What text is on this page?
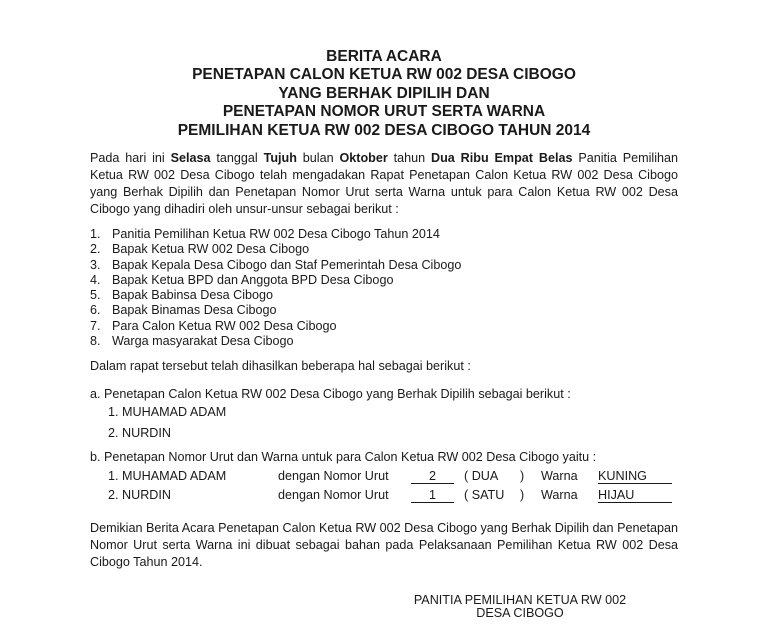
BERITA ACARA
PENETAPAN CALON KETUA RW 002 DESA CIBOGO
YANG BERHAK DIPILIH DAN
PENETAPAN NOMOR URUT SERTA WARNA
PEMILIHAN KETUA RW 002 DESA CIBOGO TAHUN 2014
Pada hari ini Selasa tanggal Tujuh bulan Oktober tahun Dua Ribu Empat Belas Panitia Pemilihan Ketua RW 002 Desa Cibogo telah mengadakan Rapat Penetapan Calon Ketua RW 002 Desa Cibogo yang Berhak Dipilih dan Penetapan Nomor Urut serta Warna untuk para Calon Ketua RW 002 Desa Cibogo yang dihadiri oleh unsur-unsur sebagai berikut :
1. Panitia Pemilihan Ketua RW 002 Desa Cibogo Tahun 2014
2. Bapak Ketua RW 002 Desa Cibogo
3. Bapak Kepala Desa Cibogo dan Staf Pemerintah Desa Cibogo
4. Bapak Ketua BPD dan Anggota BPD Desa Cibogo
5. Bapak Babinsa Desa Cibogo
6. Bapak Binamas Desa Cibogo
7. Para Calon Ketua RW 002 Desa Cibogo
8. Warga masyarakat Desa Cibogo
Dalam rapat tersebut telah dihasilkan beberapa hal sebagai berikut :
a. Penetapan Calon Ketua RW 002 Desa Cibogo yang Berhak Dipilih sebagai berikut :
1. MUHAMAD ADAM
2. NURDIN
b. Penetapan Nomor Urut dan Warna untuk para Calon Ketua RW 002 Desa Cibogo yaitu :
1. MUHAMAD ADAM	dengan Nomor Urut	2	( DUA ) Warna KUNING
2. NURDIN	dengan Nomor Urut	1	( SATU ) Warna HIJAU
Demikian Berita Acara Penetapan Calon Ketua RW 002 Desa Cibogo yang Berhak Dipilih dan Penetapan Nomor Urut serta Warna ini dibuat sebagai bahan pada Pelaksanaan Pemilihan Ketua RW 002 Desa Cibogo Tahun 2014.
PANITIA PEMILIHAN KETUA RW 002
DESA CIBOGO
